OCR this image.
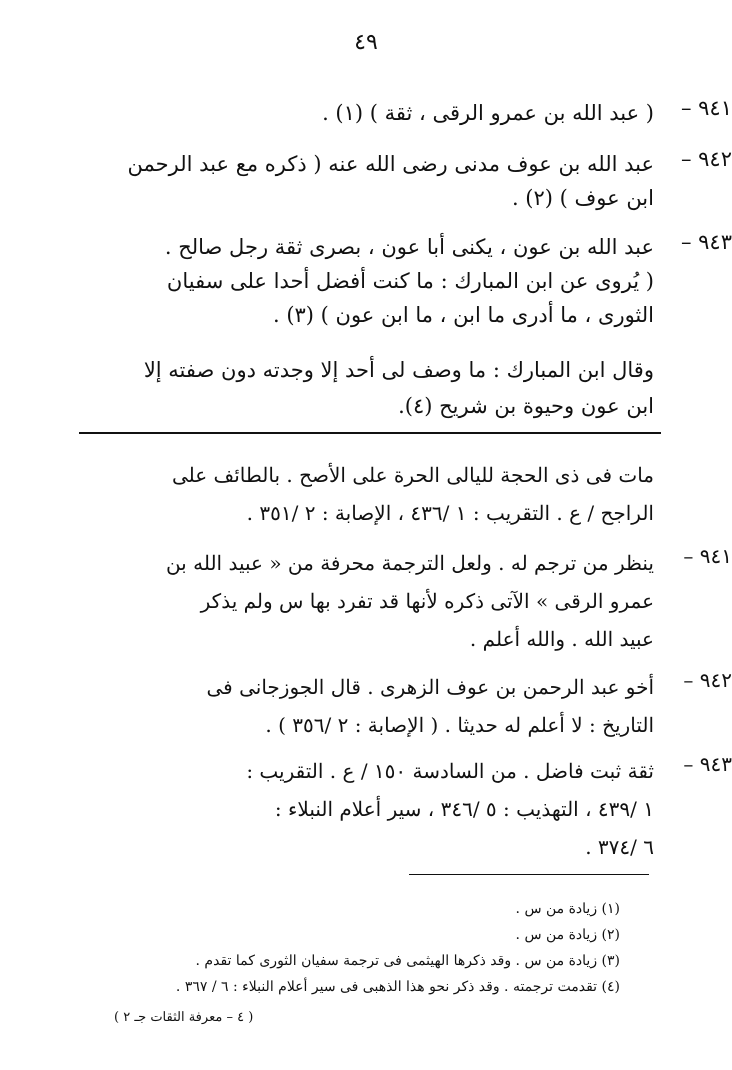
٤٩
٩٤١ –
( عبد الله بن عمرو الرقى ، ثقة ) (١) .
٩٤٢ –
عبد الله بن عوف مدنى رضى الله عنه ( ذكره مع عبد الرحمن
ابن عوف ) (٢) .
٩٤٣ –
عبد الله بن عون ، يكنى أبا عون ، بصرى ثقة رجل صالح .
( يُروى عن ابن المبارك : ما كنت أفضل أحدا على سفيان
الثورى ، ما أدرى ما ابن ، ما ابن عون ) (٣) .
وقال ابن المبارك : ما وصف لى أحد إلا وجدته دون صفته إلا
ابن عون وحيوة بن شريح (٤).
مات فى ذى الحجة لليالى الحرة على الأصح . بالطائف على
الراجح / ع . التقريب : ١ /٤٣٦ ، الإصابة : ٢ /٣٥١ .
٩٤١ –
ينظر من ترجم له . ولعل الترجمة محرفة من « عبيد الله بن
عمرو الرقى » الآتى ذكره لأنها قد تفرد بها س ولم يذكر
عبيد الله . والله أعلم .
٩٤٢ –
أخو عبد الرحمن بن عوف الزهرى . قال الجوزجانى فى
التاريخ : لا أعلم له حديثا . ( الإصابة : ٢ /٣٥٦ ) .
٩٤٣ –
ثقة ثبت فاضل . من السادسة ١٥٠ / ع . التقريب :
١ /٤٣٩ ، التهذيب : ٥ /٣٤٦ ، سير أعلام النبلاء :
٦ /٣٧٤ .
(١) زيادة من س .
(٢) زيادة من س .
(٣) زيادة من س . وقد ذكرها الهيثمى فى ترجمة سفيان الثورى كما تقدم .
(٤) تقدمت ترجمته . وقد ذكر نحو هذا الذهبى فى سير أعلام النبلاء : ٦ / ٣٦٧ .
( ٤ – معرفة الثقات جـ ٢ )
